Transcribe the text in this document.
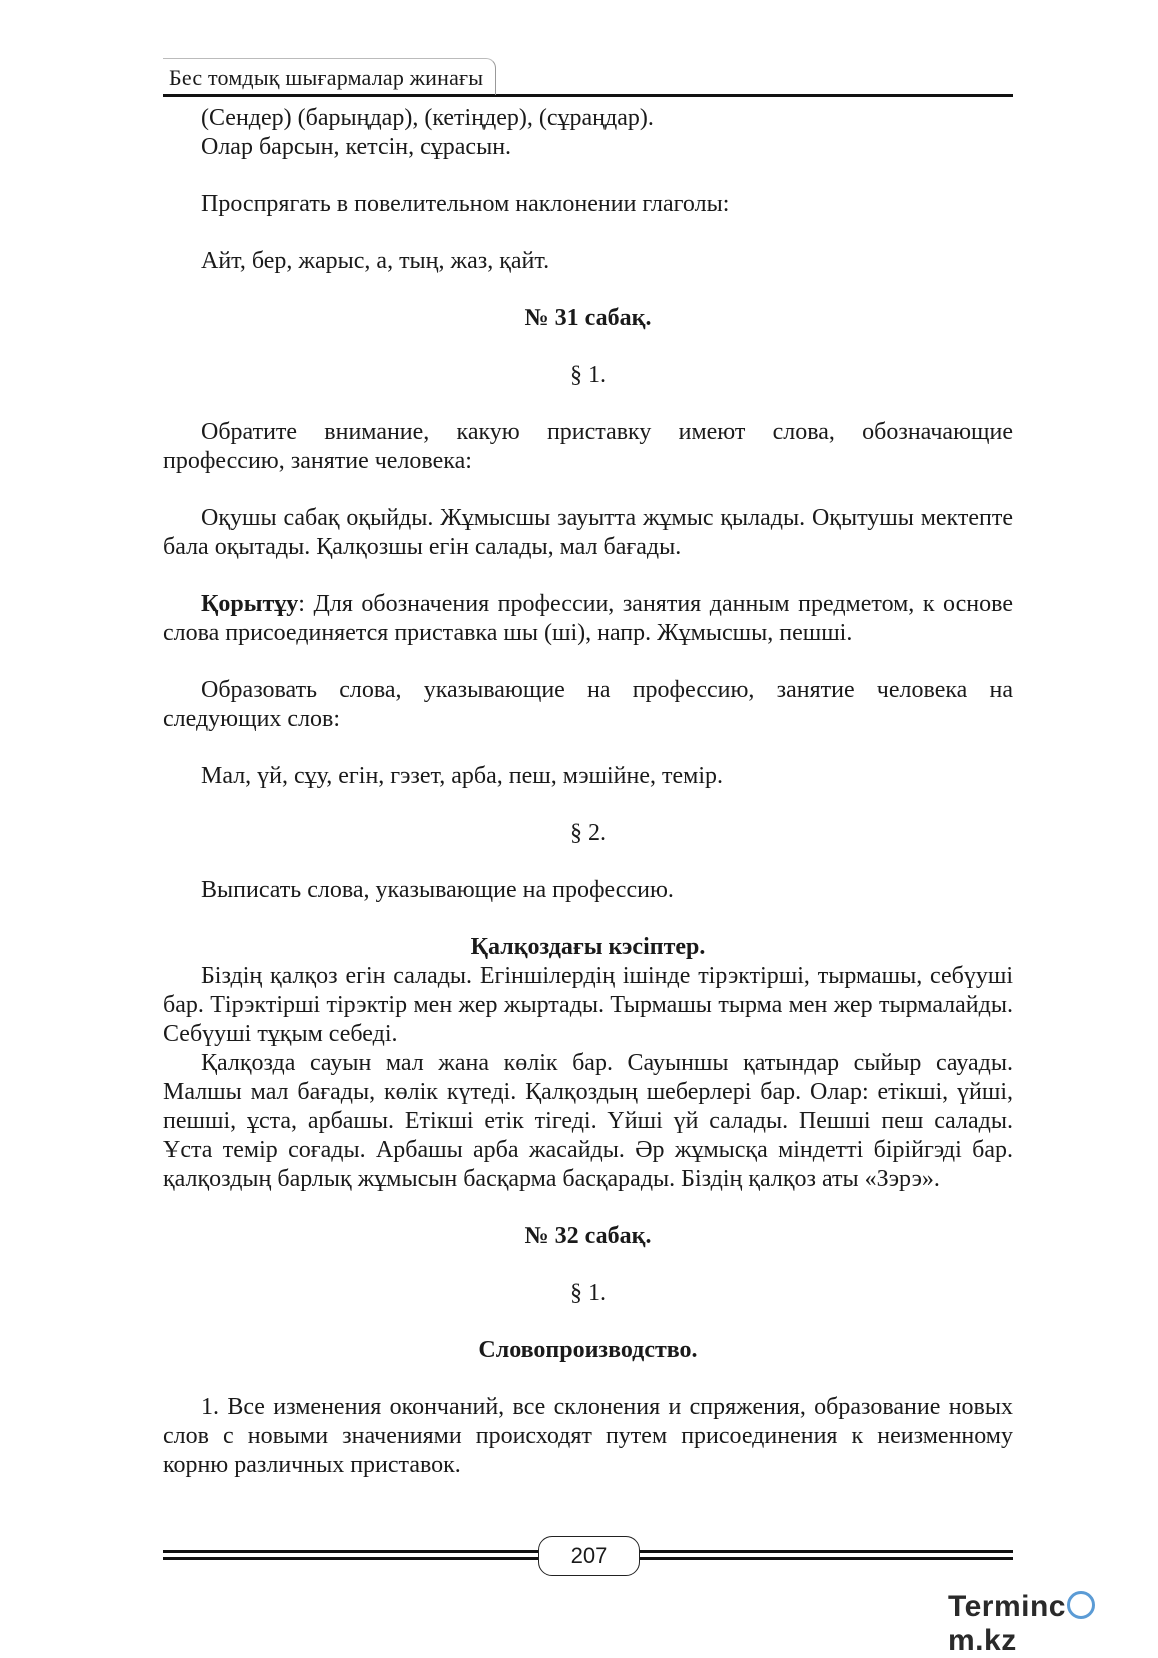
Бес томдық шығармалар жинағы

(Сендер) (барыңдар), (кетіңдер), (сұраңдар).

Олар барсын, кетсін, сұрасын.

Проспрягать в повелительном наклонении глаголы:

Айт, бер, жарыс, а, тың, жаз, қайт.

№ 31 сабақ.

§ 1.

Обратите внимание, какую приставку имеют слова, обозначающие профессию, занятие человека:

Оқушы сабақ оқыйды. Жұмысшы зауытта жұмыс қылады. Оқытушы мектепте бала оқытады. Қалқозшы егін салады, мал бағады.

Қорытұу: Для обозначения профессии, занятия данным предметом, к основе слова присоединяется приставка шы (ші), напр. Жұмысшы, пешші.

Образовать слова, указывающие на профессию, занятие человека на следующих слов:

Мал, үй, сұу, егін, гэзет, арба, пеш, мэшійне, темір.

§ 2.

Выписать слова, указывающие на профессию.

Қалқоздағы кэсіптер.

Біздің қалқоз егін салады. Егіншілердің ішінде тірэктірші, тырмашы, себүуші бар. Тірэктірші тірэктір мен жер жыртады. Тырмашы тырма мен жер тырмалайды. Себүуші тұқым себеді.

Қалқозда сауын мал жана көлік бар. Сауыншы қатындар сыйыр сауады. Малшы мал бағады, көлік күтеді. Қалқоздың шеберлері бар. Олар: етікші, үйші, пешші, ұста, арбашы. Етікші етік тігеді. Үйші үй салады. Пешші пеш салады. Ұста темір соғады. Арбашы арба жасайды. Әр жұмысқа міндетті бірійгэді бар. қалқоздың барлық жұмысын басқарма басқарады. Біздің қалқоз аты «Зэрэ».

№ 32 сабақ.

§ 1.

Словопроизводство.

1. Все изменения окончаний, все склонения и спряжения, образование новых слов с новыми значениями происходят путем присоединения к неизменному корню различных приставок.

207
Termincm.kz
